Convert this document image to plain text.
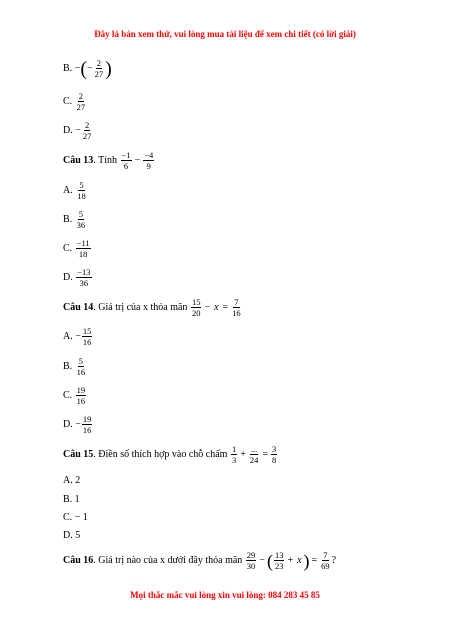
Đây là bản xem thử, vui lòng mua tài liệu để xem chi tiết (có lời giải)
B.
− ( − $\frac{2}{27}$ )
C.
$\frac{2}{27}$
D.
− $\frac{2}{27}$
Câu 13 . Tính
$\frac{-1}{6} - \frac{-4}{9}$
A.
$\frac{5}{18}$
B.
$\frac{5}{36}$
C.
$\frac{-11}{18}$
D.
$\frac{-13}{36}$
Câu 14 . Giá trị của x thỏa mãn
$\frac{15}{20} - x = \frac{7}{16}$
A.
− $\frac{15}{16}$
B.
$\frac{5}{16}$
C.
$\frac{19}{16}$
D.
− $\frac{19}{16}$
Câu 15 . Điền số thích hợp vào chỗ chấm
$\frac{1}{3} + \frac{...}{24} = \frac{3}{8}$
A. 2
B. 1
C. − 1
D. 5
Câu 16 . Giá trị nào của x dưới đây thỏa mãn
$\frac{29}{30}$ − ( $\frac{13}{23} + x$ ) = $\frac{7}{69}$ ?
Mọi thắc mắc vui lòng xin vui lòng: 084 283 45 85
